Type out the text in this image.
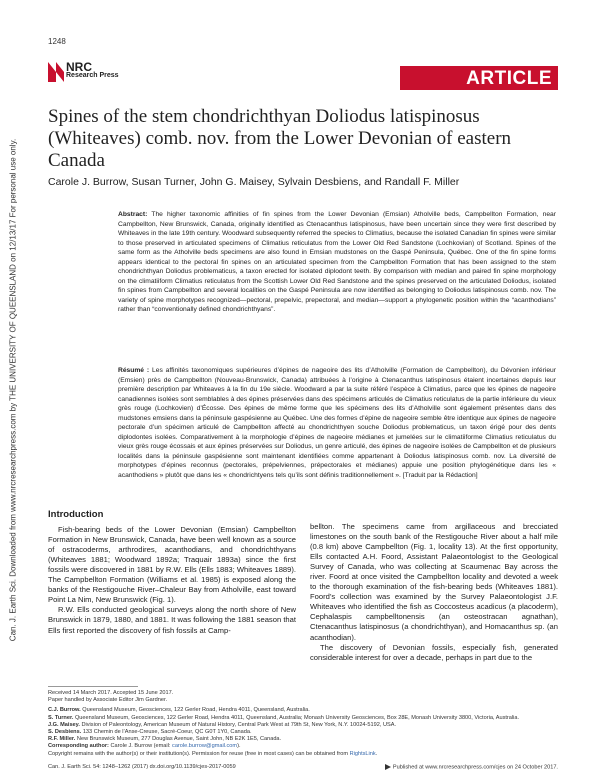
Can. J. Earth Sci. Downloaded from www.nrcresearchpress.com by THE UNIVERSITY OF QUEENSLAND on 12/13/17 For personal use only.
1248
NRC
Research Press	ARTICLE
Spines of the stem chondrichthyan Doliodus latispinosus (Whiteaves) comb. nov. from the Lower Devonian of eastern Canada
Carole J. Burrow, Susan Turner, John G. Maisey, Sylvain Desbiens, and Randall F. Miller
Abstract: The higher taxonomic affinities of fin spines from the Lower Devonian (Emsian) Atholville beds, Campbellton Formation, near Campbellton, New Brunswick, Canada, originally identified as Ctenacanthus latispinosus, have been uncertain since they were first described by Whiteaves in the late 19th century. Woodward subsequently referred the species to Climatius, because the isolated Canadian fin spines were similar to those preserved in articulated specimens of Climatius reticulatus from the Lower Old Red Sandstone (Lochkovian) of Scotland. Spines of the same form as the Atholville beds specimens are also found in Emsian mudstones on the Gaspé Peninsula, Québec. One of the fin spine forms appears identical to the pectoral fin spines on an articulated specimen from the Campbellton Formation that has been assigned to the stem chondrichthyan Doliodus problematicus, a taxon erected for isolated diplodont teeth. By comparison with median and paired fin spine morphology on the climatiiform Climatius reticulatus from the Scottish Lower Old Red Sandstone and the spines preserved on the articulated Doliodus, isolated fin spines from Campbellton and several localities on the Gaspé Peninsula are now identified as belonging to Doliodus latispinosus comb. nov. The variety of spine morphotypes recognized—pectoral, prepelvic, prepectoral, and median—support a phylogenetic position within the “acanthodians” rather than “conventionally defined chondrichthyans”.
Résumé : Les affinités taxonomiques supérieures d’épines de nageoire des lits d’Atholville (Formation de Campbellton), du Dévonien inférieur (Emsien) près de Campbellton (Nouveau-Brunswick, Canada) attribuées à l’origine à Ctenacanthus latispinosus étaient incertaines depuis leur première description par Whiteaves à la fin du 19e siècle. Woodward a par la suite référé l’espèce à Climatius, parce que les épines de nageoire canadiennes isolées sont semblables à des épines préservées dans des spécimens articulés de Climatius reticulatus de la partie inférieure du vieux grès rouge (Lochkovien) d’Écosse. Des épines de même forme que les spécimens des lits d’Atholville sont également présentes dans des mudstones emsiens dans la péninsule gaspésienne au Québec. Une des formes d’épine de nageoire semble être identique aux épines de nageoire pectorale d’un spécimen articulé de Campbellton affecté au chondrichthyen souche Doliodus problematicus, un taxon érigé pour des dents diplodontes isolées. Comparativement à la morphologie d’épines de nageoire médianes et jumelées sur le climatiiforme Climatius reticulatus du vieux grès rouge écossais et aux épines préservées sur Doliodus, un genre articulé, des épines de nageoire isolées de Campbellton et de plusieurs localités dans la péninsule gaspésienne sont maintenant identifiées comme appartenant à Doliodus latispinosus comb. nov. La diversité de morphotypes d’épines reconnus (pectorales, prépelviennes, prépectorales et médianes) appuie une position phylogénétique dans les « acanthodiens » plutôt que dans les « chondrichtyens tels qu’ils sont définis traditionnellement ». [Traduit par la Rédaction]
Introduction

Fish-bearing beds of the Lower Devonian (Emsian) Campbellton Formation in New Brunswick, Canada, have been well known as a source of ostracoderms, arthrodires, acanthodians, and chondrichthyans (Whiteaves 1881; Woodward 1892a; Traquair 1893a) since the first fossils were discovered in 1881 by R.W. Ells (Ells 1883; Whiteaves 1889). The Campbellton Formation (Williams et al. 1985) is exposed along the banks of the Restigouche River–Chaleur Bay from Atholville, east toward Point La Nim, New Brunswick (Fig. 1).

R.W. Ells conducted geological surveys along the north shore of New Brunswick in 1879, 1880, and 1881. It was following the 1881 season that Ells first reported the discovery of fish fossils at Camp-

bellton. The specimens came from argillaceous and brecciated limestones on the south bank of the Restigouche River about a half mile (0.8 km) above Campbellton (Fig. 1, locality 13). At the first opportunity, Ells contacted A.H. Foord, Assistant Palaeontologist to the Geological Survey of Canada, who was collecting at Scaumenac Bay across the river. Foord at once visited the Campbellton locality and devoted a week to the thorough examination of the fish-bearing beds (Whiteaves 1881). Foord’s collection was examined by the Survey Palaeontologist J.F. Whiteaves who identified the fish as Coccosteus acadicus (a placoderm), Cephalaspis campbelltonensis (an osteostracan agnathan), Ctenacanthus latispinosus (a chondrichthyan), and Homacanthus sp. (an acanthodian).

The discovery of Devonian fossils, especially fish, generated considerable interest for over a decade, perhaps in part due to the

Received 14 March 2017. Accepted 15 June 2017.
Paper handled by Associate Editor Jim Gardner.
C.J. Burrow. Queensland Museum, Geosciences, 122 Gerler Road, Hendra 4011, Queensland, Australia.
S. Turner. Queensland Museum, Geosciences, 122 Gerler Road, Hendra 4011, Queensland, Australia; Monash University Geosciences, Box 28E, Monash University 3800, Victoria, Australia.
J.G. Maisey. Division of Paleontology, American Museum of Natural History, Central Park West at 79th St, New York, N.Y. 10024-5192, USA.
S. Desbiens. 133 Chemin de l’Anse-Creuse, Sacré-Coeur, QC G0T 1Y0, Canada.
R.F. Miller. New Brunswick Museum, 277 Douglas Avenue, Saint John, NB E2K 1E5, Canada.
Corresponding author: Carole J. Burrow (email: carole.burrow@gmail.com).
Copyright remains with the author(s) or their institution(s). Permission for reuse (free in most cases) can be obtained from RightsLink.
Can. J. Earth Sci. 54: 1248–1262 (2017) dx.doi.org/10.1139/cjes-2017-0059	Published at www.nrcresearchpress.com/cjes on 24 October 2017.
